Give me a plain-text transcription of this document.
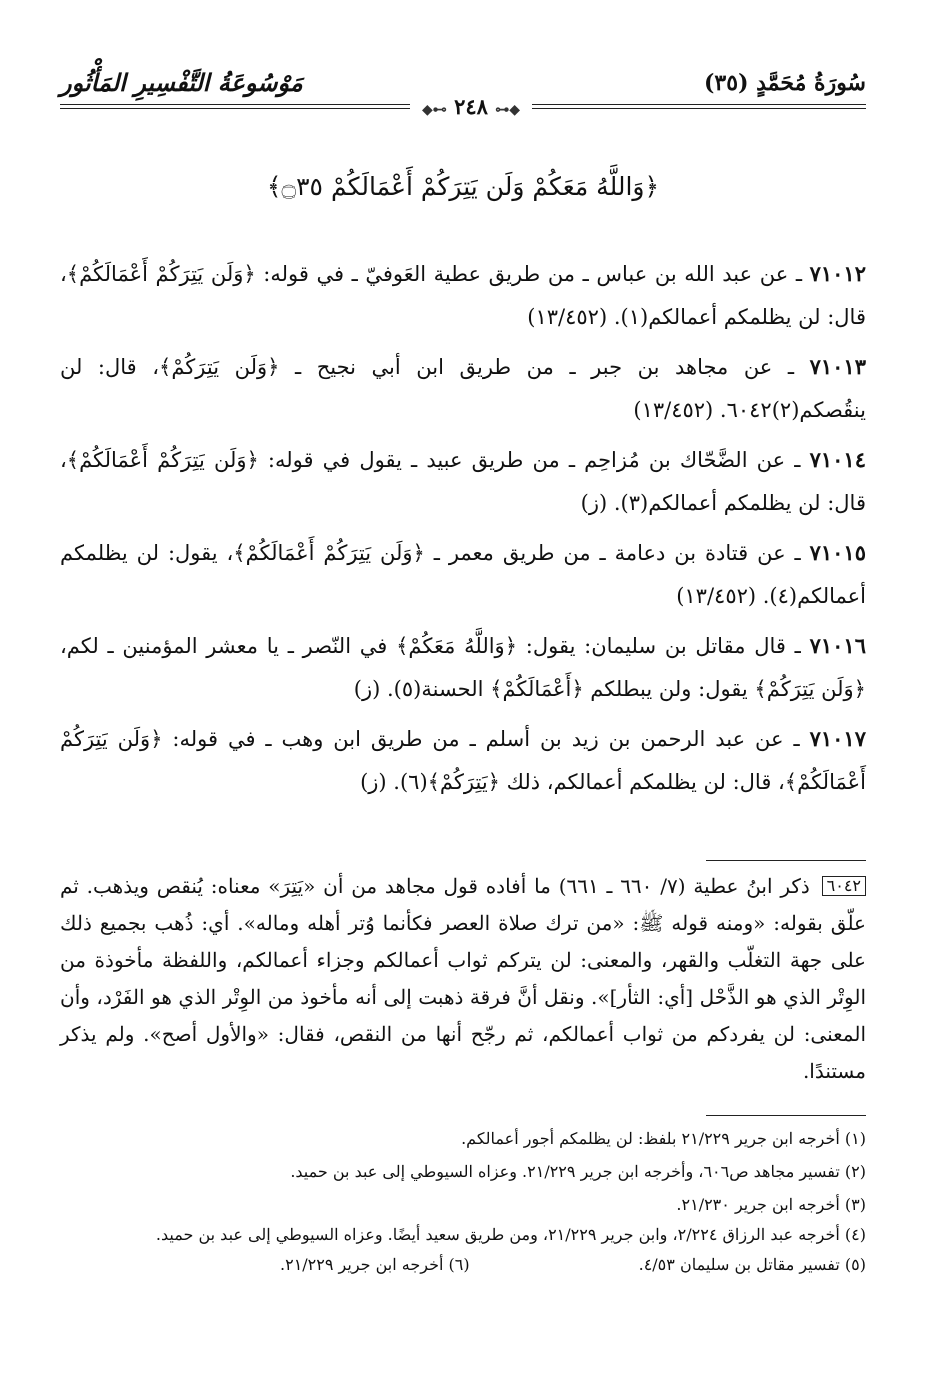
سُورَةُ مُحَمَّدٍ (٣٥)
مَوْسُوعَةُ التَّفْسِيرِ المَأْثُور
◆⊷ ٢٤٨ ⊶◆
﴿وَاللَّهُ مَعَكُمْ وَلَن يَتِرَكُمْ أَعْمَالَكُمْ ۝٣٥﴾
٧١٠١٢ ـ عن عبد الله بن عباس ـ من طريق عطية العَوفيّ ـ في قوله: ﴿وَلَن يَتِرَكُمْ أَعْمَالَكُمْ﴾، قال: لن يظلمكم أعمالكم(١). (١٣/٤٥٢)
٧١٠١٣ ـ عن مجاهد بن جبر ـ من طريق ابن أبي نجيح ـ ﴿وَلَن يَتِرَكُمْ﴾، قال: لن ينقُصكم(٢)٦٠٤٢. (١٣/٤٥٢)
٧١٠١٤ ـ عن الضَّحّاك بن مُزاحِم ـ من طريق عبيد ـ يقول في قوله: ﴿وَلَن يَتِرَكُمْ أَعْمَالَكُمْ﴾، قال: لن يظلمكم أعمالكم(٣). (ز)
٧١٠١٥ ـ عن قتادة بن دعامة ـ من طريق معمر ـ ﴿وَلَن يَتِرَكُمْ أَعْمَالَكُمْ﴾، يقول: لن يظلمكم أعمالكم(٤). (١٣/٤٥٢)
٧١٠١٦ ـ قال مقاتل بن سليمان: يقول: ﴿وَاللَّهُ مَعَكُمْ﴾ في النّصر ـ يا معشر المؤمنين ـ لكم، ﴿وَلَن يَتِرَكُمْ﴾ يقول: ولن يبطلكم ﴿أَعْمَالَكُمْ﴾ الحسنة(٥). (ز)
٧١٠١٧ ـ عن عبد الرحمن بن زيد بن أسلم ـ من طريق ابن وهب ـ في قوله: ﴿وَلَن يَتِرَكُمْ أَعْمَالَكُمْ﴾، قال: لن يظلمكم أعمالكم، ذلك ﴿يَتِرَكُمْ﴾(٦). (ز)
٦٠٤٢ ذكر ابنُ عطية (٧/ ٦٦٠ ـ ٦٦١) ما أفاده قول مجاهد من أن «يَتِرَ» معناه: يُنقص ويذهب. ثم علّق بقوله: «ومنه قوله ﷺ: «من ترك صلاة العصر فكأنما وُتر أهله وماله». أي: ذُهب بجميع ذلك على جهة التغلّب والقهر، والمعنى: لن يتركم ثواب أعمالكم وجزاء أعمالكم، واللفظة مأخوذة من الوِتْر الذي هو الذَّحْل [أي: الثأر]». ونقل أنَّ فرقة ذهبت إلى أنه مأخوذ من الوِتْر الذي هو الفَرْد، وأن المعنى: لن يفردكم من ثواب أعمالكم، ثم رجّح أنها من النقص، فقال: «والأول أصح». ولم يذكر مستندًا.

(١) أخرجه ابن جرير ٢١/٢٢٩ بلفظ: لن يظلمكم أجور أعمالكم.

(٢) تفسير مجاهد ص٦٠٦، وأخرجه ابن جرير ٢١/٢٢٩. وعزاه السيوطي إلى عبد بن حميد.

(٣) أخرجه ابن جرير ٢١/٢٣٠.

(٤) أخرجه عبد الرزاق ٢/٢٢٤، وابن جرير ٢١/٢٢٩، ومن طريق سعيد أيضًا. وعزاه السيوطي إلى عبد بن حميد.

(٥) تفسير مقاتل بن سليمان ٤/٥٣.
(٦) أخرجه ابن جرير ٢١/٢٢٩.
